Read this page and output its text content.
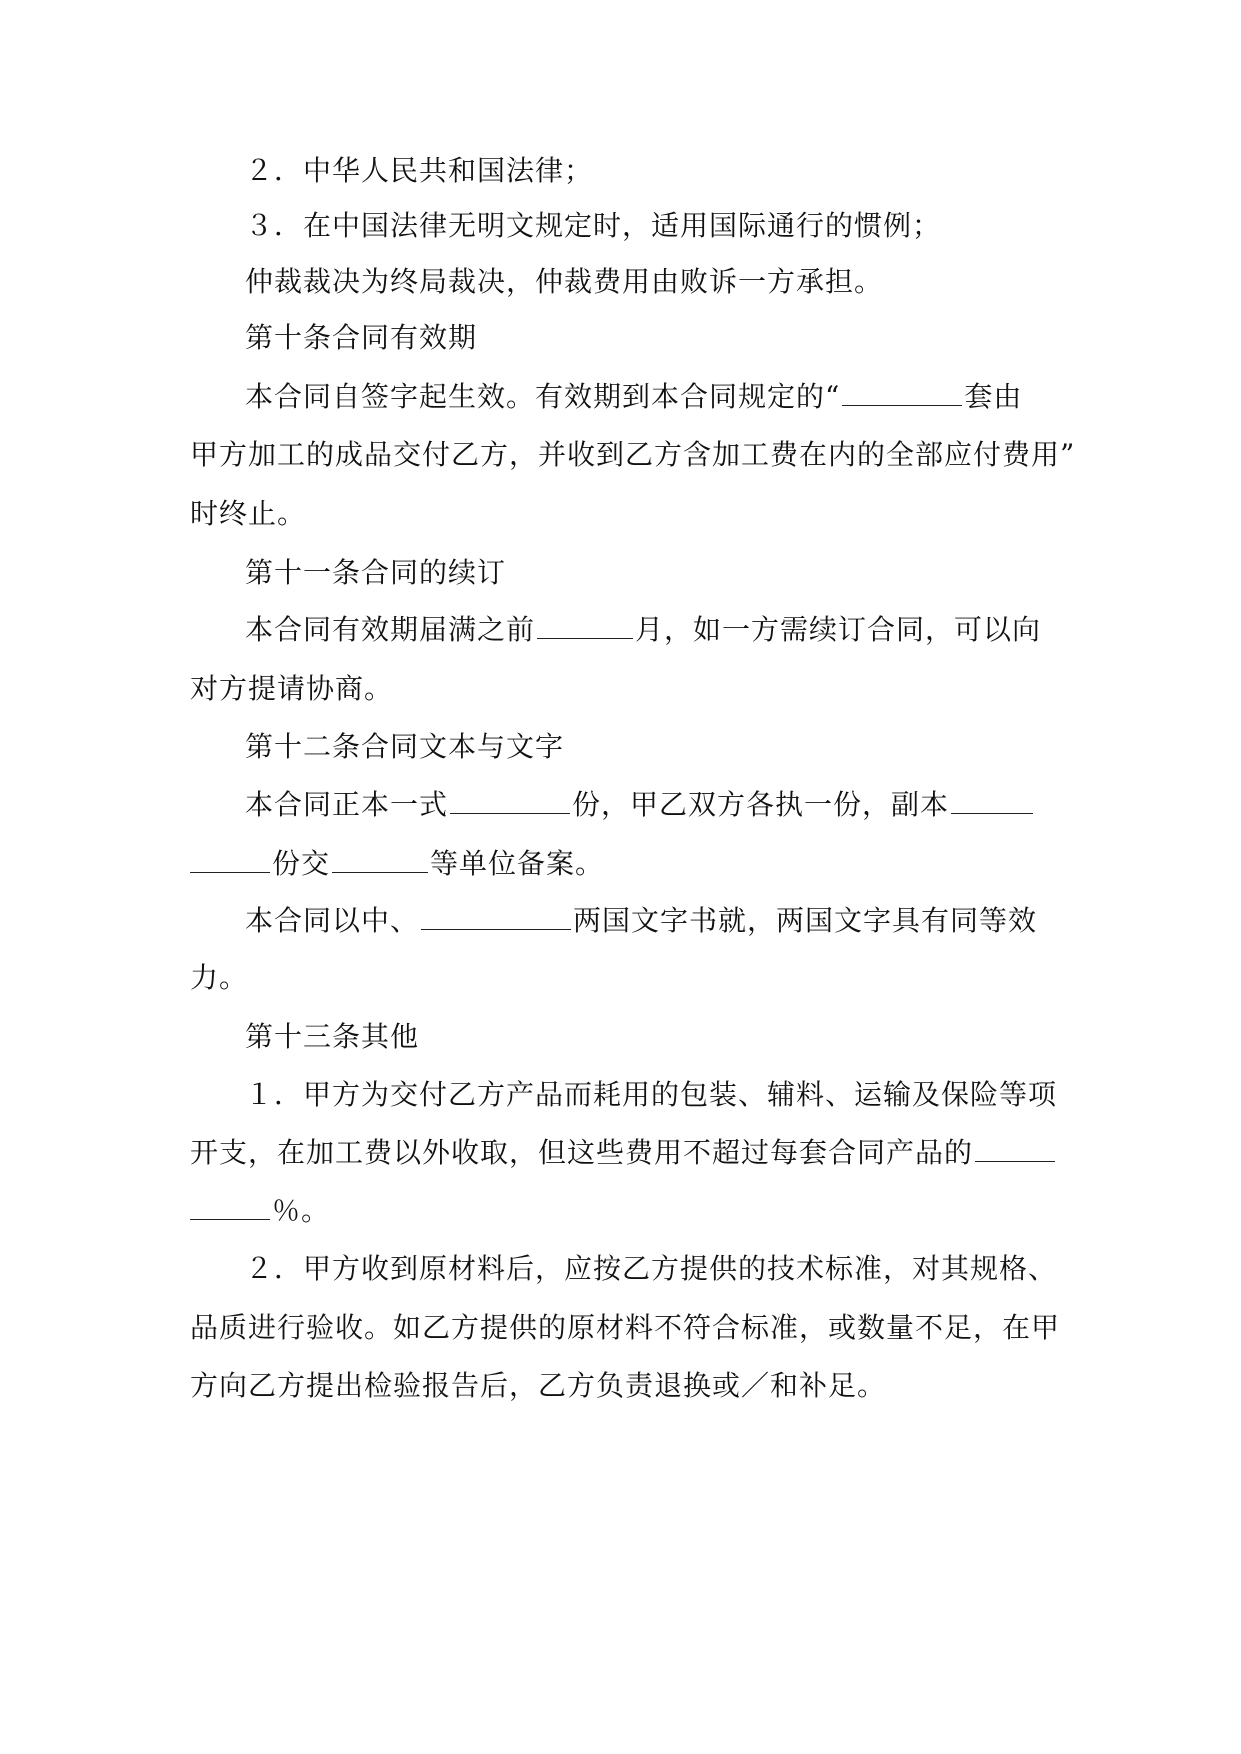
２．中华人民共和国法律；
３．在中国法律无明文规定时，适用国际通行的惯例；
仲裁裁决为终局裁决，仲裁费用由败诉一方承担。
第十条合同有效期
本合同自签字起生效。有效期到本合同规定的“	套由
甲方加工的成品交付乙方，并收到乙方含加工费在内的全部应付费用”
时终止。
第十一条合同的续订
本合同有效期届满之前	月，如一方需续订合同，可以向
对方提请协商。
第十二条合同文本与文字
本合同正本一式	份，甲乙双方各执一份，副本
份交	等单位备案。
本合同以中、	两国文字书就，两国文字具有同等效
力。
第十三条其他
１．甲方为交付乙方产品而耗用的包装、辅料、运输及保险等项
开支，在加工费以外收取，但这些费用不超过每套合同产品的
％。
２．甲方收到原材料后，应按乙方提供的技术标准，对其规格、
品质进行验收。如乙方提供的原材料不符合标准，或数量不足，在甲
方向乙方提出检验报告后，乙方负责退换或／和补足。
